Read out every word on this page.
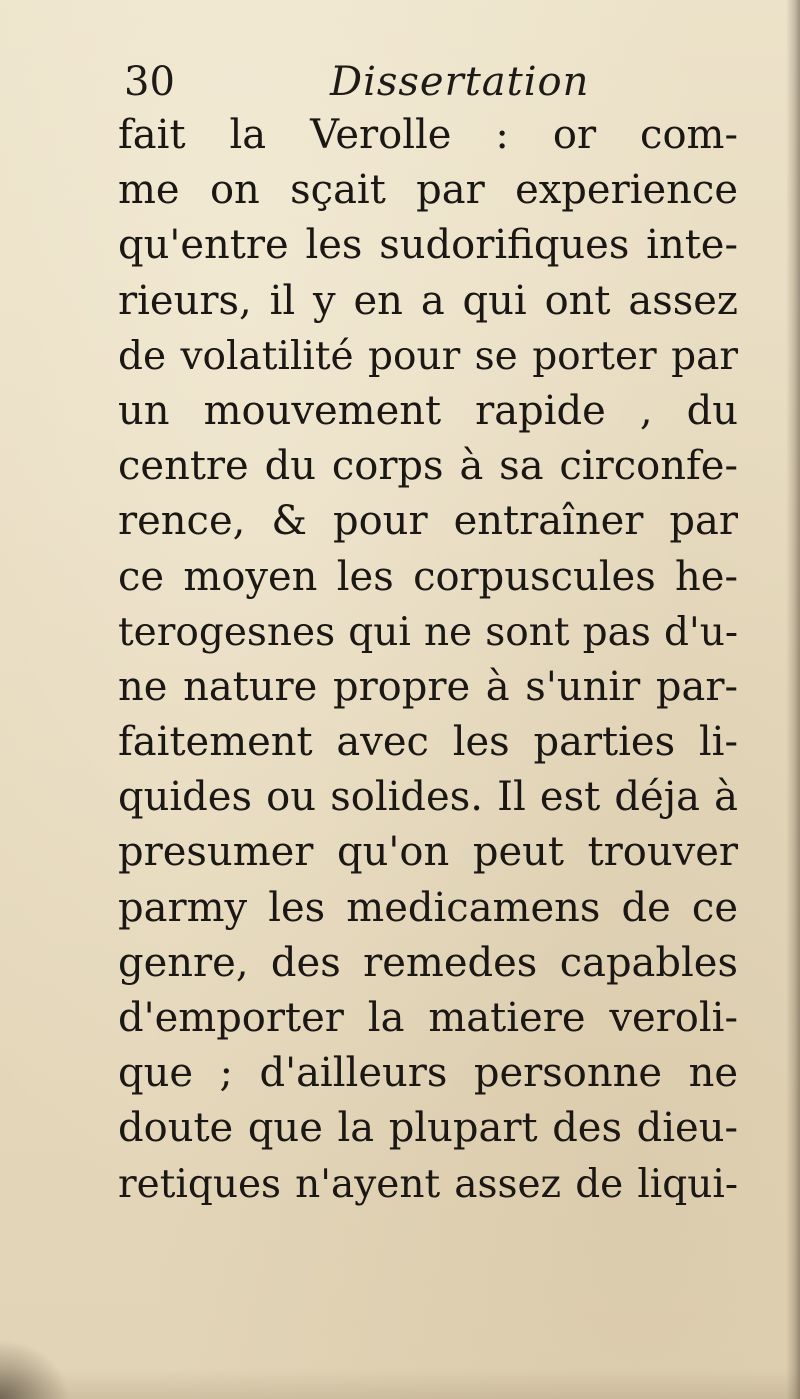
30	Dissertation
fait la Verolle : or com-
me on sçait par experience
qu'entre les sudorifiques inte-
rieurs, il y en a qui ont assez
de volatilité pour se porter par
un mouvement rapide , du
centre du corps à sa circonfe-
rence, & pour entraîner par
ce moyen les corpuscules he-
terogesnes qui ne sont pas d'u-
ne nature propre à s'unir par-
faitement avec les parties li-
quides ou solides. Il est déja à
presumer qu'on peut trouver
parmy les medicamens de ce
genre, des remedes capables
d'emporter la matiere veroli-
que ; d'ailleurs personne ne
doute que la plupart des dieu-
retiques n'ayent assez de liqui-
